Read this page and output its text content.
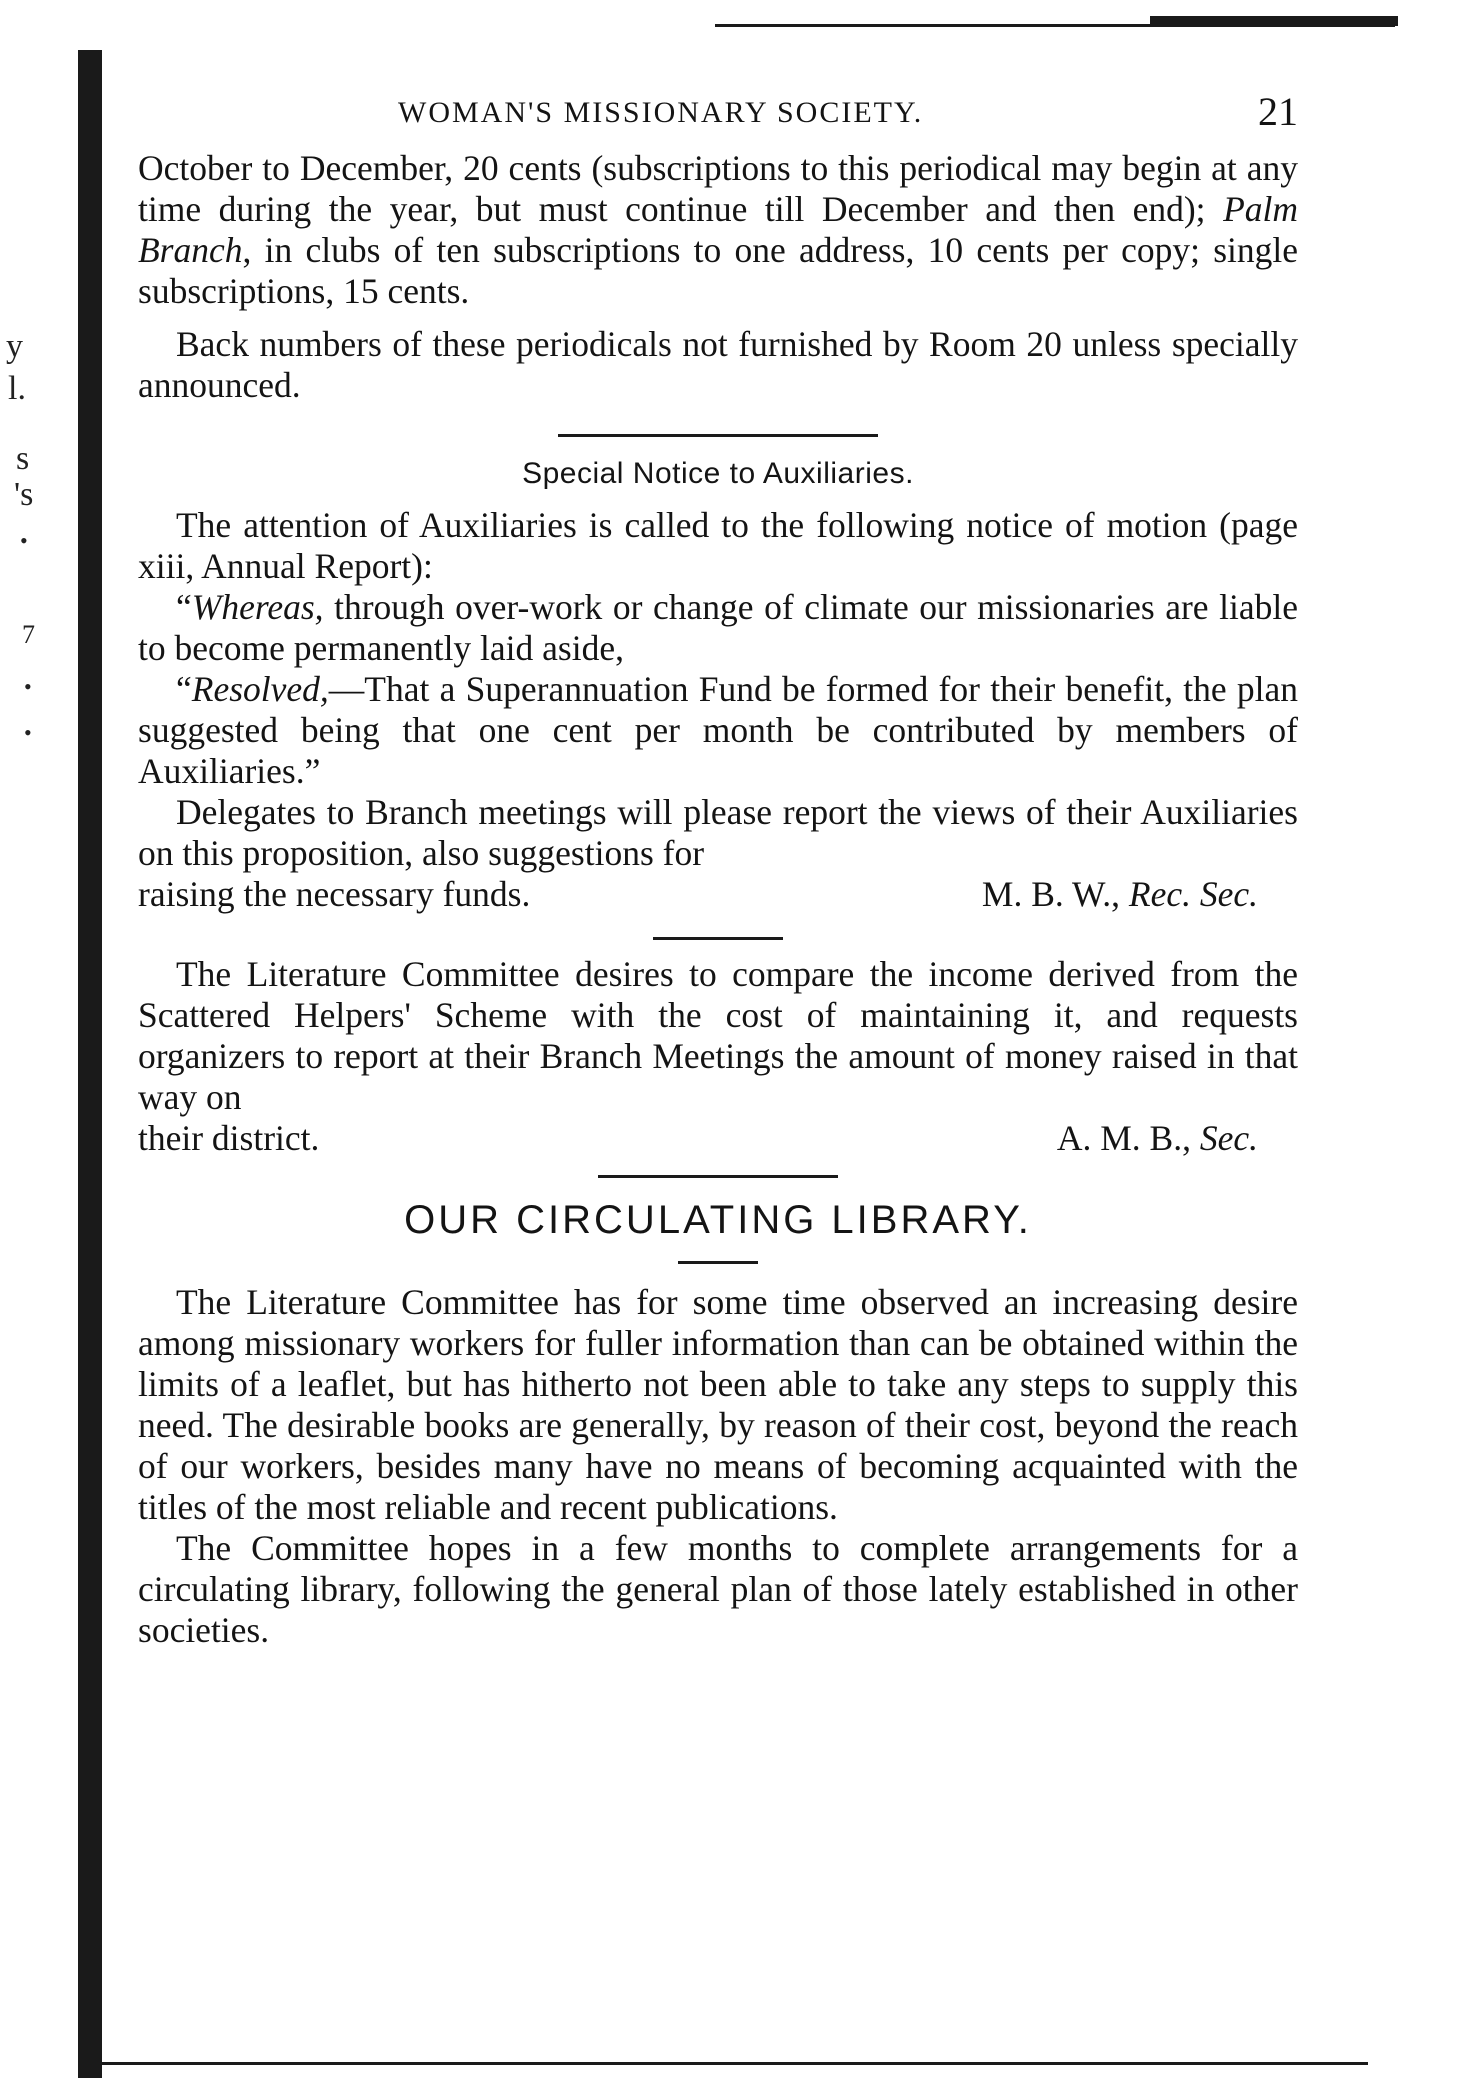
y
l.
s
's
•
7
•
•
WOMAN'S MISSIONARY SOCIETY.	21

October to December, 20 cents (subscriptions to this periodical may begin at any time during the year, but must continue till December and then end); Palm Branch, in clubs of ten subscriptions to one address, 10 cents per copy; single subscriptions, 15 cents.

Back numbers of these periodicals not furnished by Room 20 unless specially announced.

Special Notice to Auxiliaries.

The attention of Auxiliaries is called to the following notice of motion (page xiii, Annual Report):

“Whereas, through over-work or change of climate our missionaries are liable to become permanently laid aside,

“Resolved,—That a Superannuation Fund be formed for their benefit, the plan suggested being that one cent per month be contributed by members of Auxiliaries.”

Delegates to Branch meetings will please report the views of their Auxiliaries on this proposition, also suggestions for

raising the necessary funds.	M. B. W., Rec. Sec.

The Literature Committee desires to compare the income derived from the Scattered Helpers' Scheme with the cost of maintaining it, and requests organizers to report at their Branch Meetings the amount of money raised in that way on

their district.	A. M. B., Sec.
OUR CIRCULATING LIBRARY.

The Literature Committee has for some time observed an increasing desire among missionary workers for fuller information than can be obtained within the limits of a leaflet, but has hitherto not been able to take any steps to supply this need. The desirable books are generally, by reason of their cost, beyond the reach of our workers, besides many have no means of becoming acquainted with the titles of the most reliable and recent publications.

The Committee hopes in a few months to complete arrangements for a circulating library, following the general plan of those lately established in other societies.
